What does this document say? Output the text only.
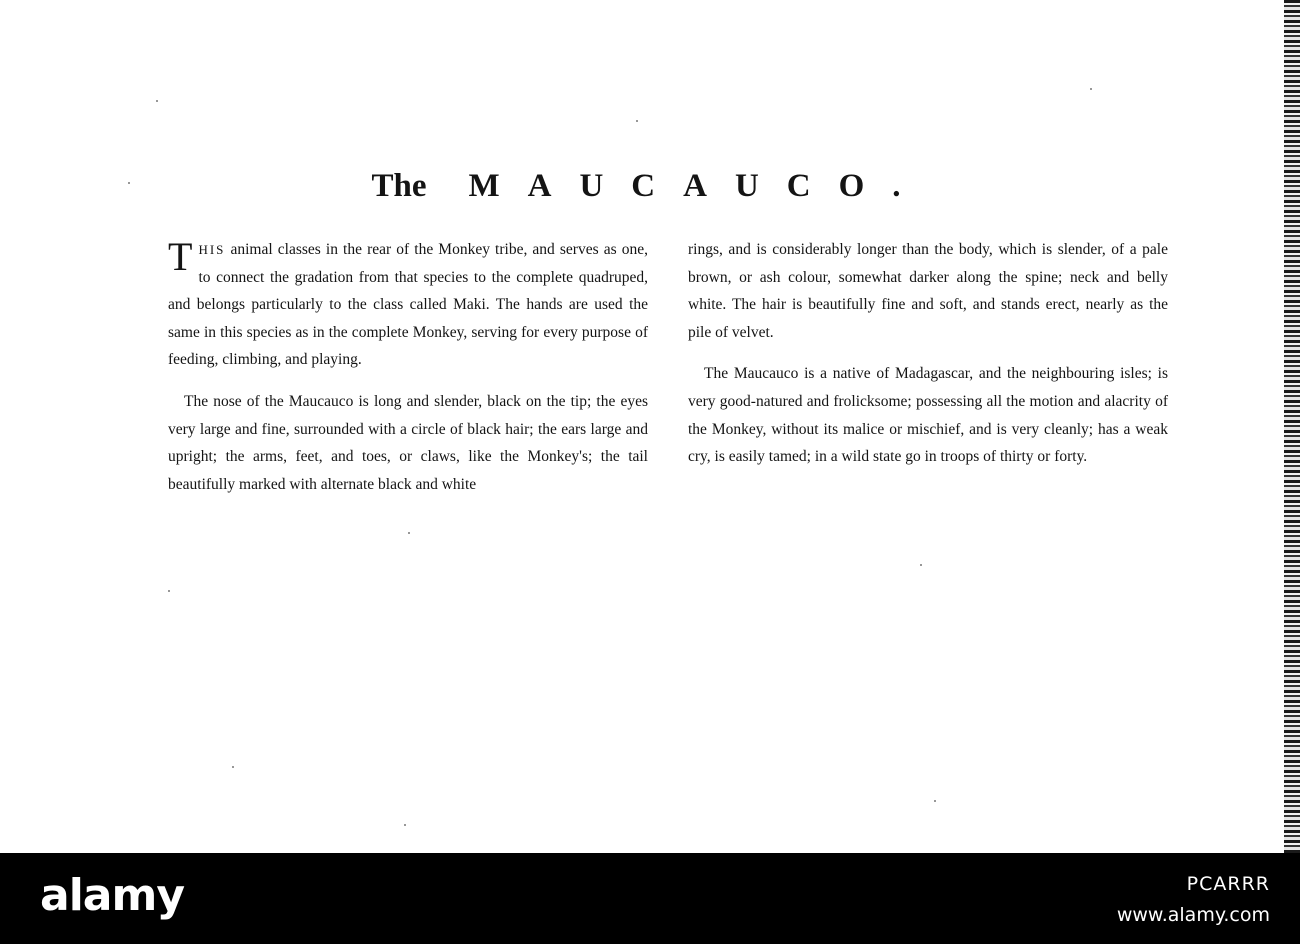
The MAUCAUCO.

THIS animal classes in the rear of the Monkey tribe, and serves as one, to connect the gradation from that species to the complete quadruped, and belongs particularly to the class called Maki. The hands are used the same in this species as in the complete Monkey, serving for every purpose of feeding, climbing, and playing.

The nose of the Maucauco is long and slender, black on the tip; the eyes very large and fine, surrounded with a circle of black hair; the ears large and upright; the arms, feet, and toes, or claws, like the Monkey's; the tail beautifully marked with alternate black and white

rings, and is considerably longer than the body, which is slender, of a pale brown, or ash colour, somewhat darker along the spine; neck and belly white. The hair is beautifully fine and soft, and stands erect, nearly as the pile of velvet.

The Maucauco is a native of Madagascar, and the neighbouring isles; is very good-natured and frolicksome; possessing all the motion and alacrity of the Monkey, without its malice or mischief, and is very cleanly; has a weak cry, is easily tamed; in a wild state go in troops of thirty or forty.

alamy	PCARRR
www.alamy.com
